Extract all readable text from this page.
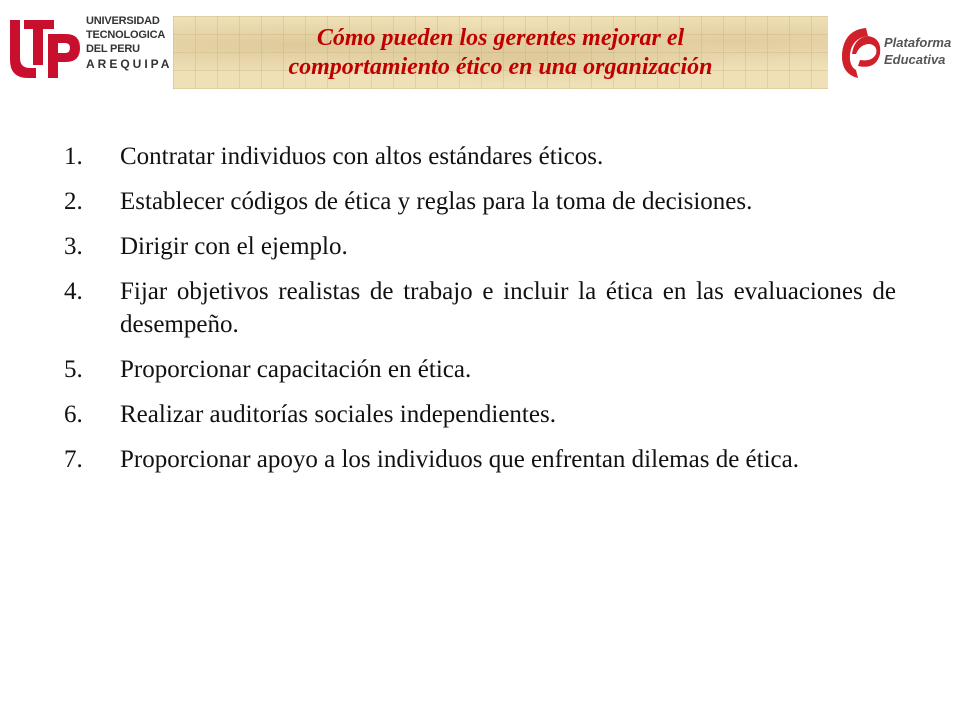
UNIVERSIDAD
TECNOLOGICA
DEL PERU
AREQUIPA
Cómo pueden los gerentes mejorar el
comportamiento ético en una organización
Plataforma
Educativa
1.	Contratar individuos con altos estándares éticos.
2.	Establecer códigos de ética y reglas para la toma de decisiones.
3.	Dirigir con el ejemplo.
4.	Fijar objetivos realistas de trabajo e incluir la ética en las evaluaciones de desempeño.
5.	Proporcionar capacitación en ética.
6.	Realizar auditorías sociales independientes.
7.	Proporcionar apoyo a los individuos que enfrentan dilemas de ética.
